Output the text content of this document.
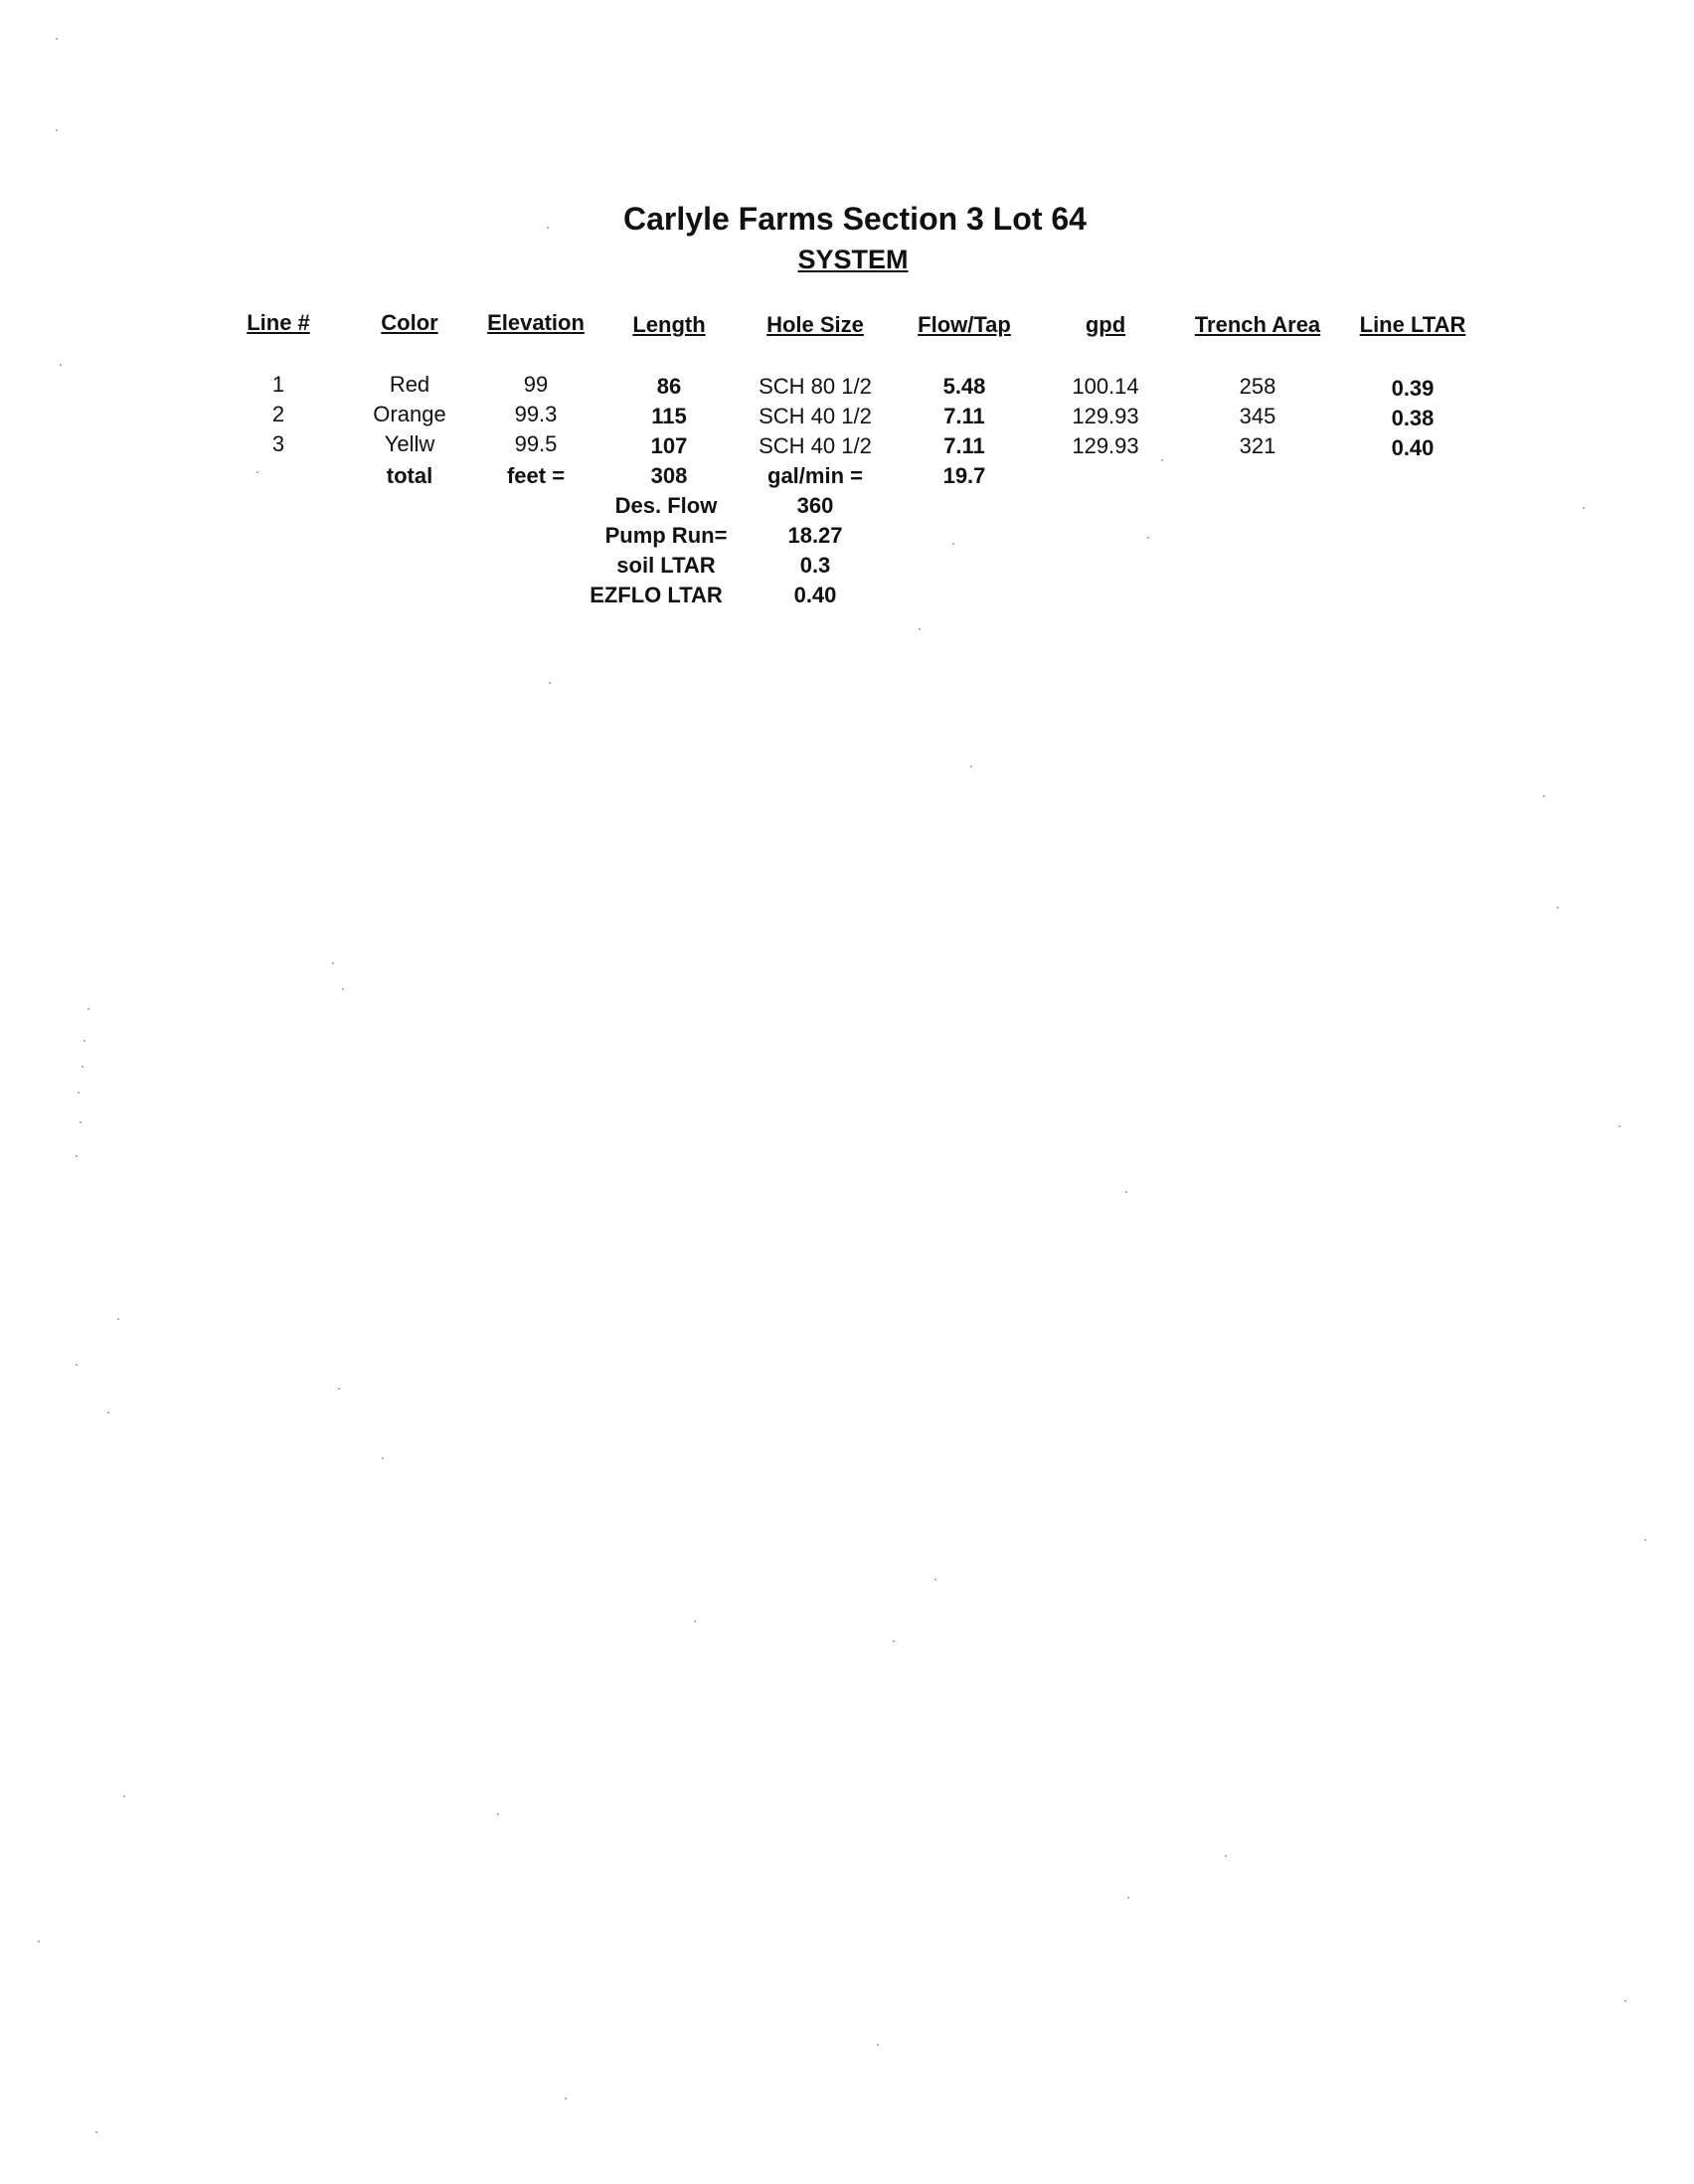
Carlyle Farms Section 3 Lot 64
SYSTEM
Line #	Color	Elevation	Length	Hole Size	Flow/Tap	gpd	Trench Area	Line LTAR
1	Red	99	86	SCH 80 1/2	5.48	100.14	258	0.39
2	Orange	99.3	115	SCH 40 1/2	7.11	129.93	345	0.38
3	Yellw	99.5	107	SCH 40 1/2	7.11	129.93	321	0.40
total	feet =	308	gal/min =	19.7
Des. Flow	360
Pump Run=	18.27
soil LTAR	0.3
EZFLO LTAR	0.40
